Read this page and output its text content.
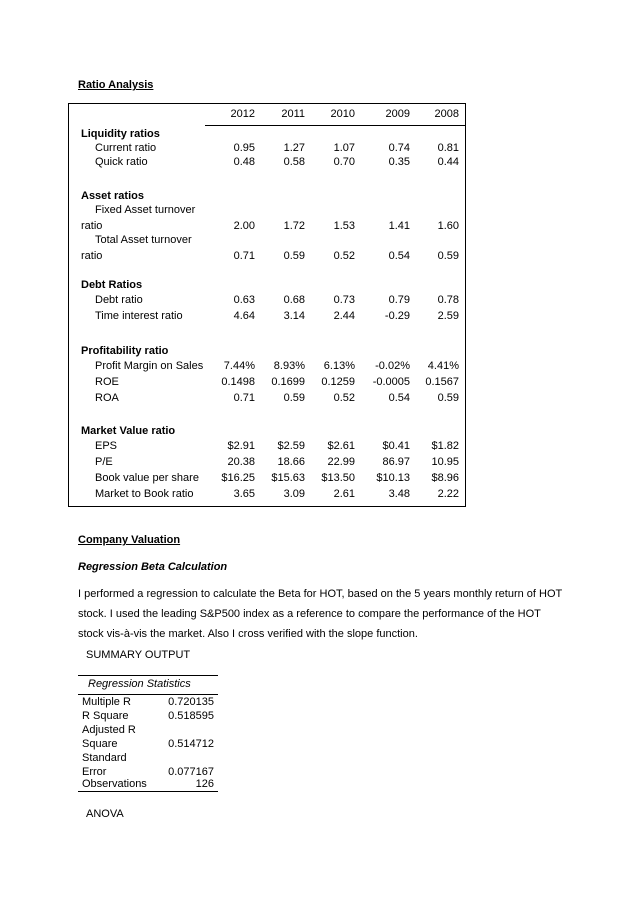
Ratio Analysis
2012	2011	2010	2009	2008
Liquidity ratios
Current ratio	0.95	1.27	1.07	0.74	0.81
Quick ratio	0.48	0.58	0.70	0.35	0.44
Asset ratios
Fixed Asset turnover
ratio	2.00	1.72	1.53	1.41	1.60
Total Asset turnover
ratio	0.71	0.59	0.52	0.54	0.59
Debt Ratios
Debt ratio	0.63	0.68	0.73	0.79	0.78
Time interest ratio	4.64	3.14	2.44	-0.29	2.59
Profitability ratio
Profit Margin on Sales	7.44%	8.93%	6.13%	-0.02%	4.41%
ROE	0.1498	0.1699	0.1259	-0.0005	0.1567
ROA	0.71	0.59	0.52	0.54	0.59
Market Value ratio
EPS	$2.91	$2.59	$2.61	$0.41	$1.82
P/E	20.38	18.66	22.99	86.97	10.95
Book value per share	$16.25	$15.63	$13.50	$10.13	$8.96
Market to Book ratio	3.65	3.09	2.61	3.48	2.22
Company Valuation
Regression Beta Calculation
I performed a regression to calculate the Beta for HOT, based on the 5 years monthly return of HOT stock. I used the leading S&P500 index as a reference to compare the performance of the HOT stock vis-à-vis the market. Also I cross verified with the slope function.
SUMMARY OUTPUT
Regression Statistics
Multiple R	0.720135
R Square	0.518595
Adjusted R
Square	0.514712
Standard
Error	0.077167
Observations	126
ANOVA
